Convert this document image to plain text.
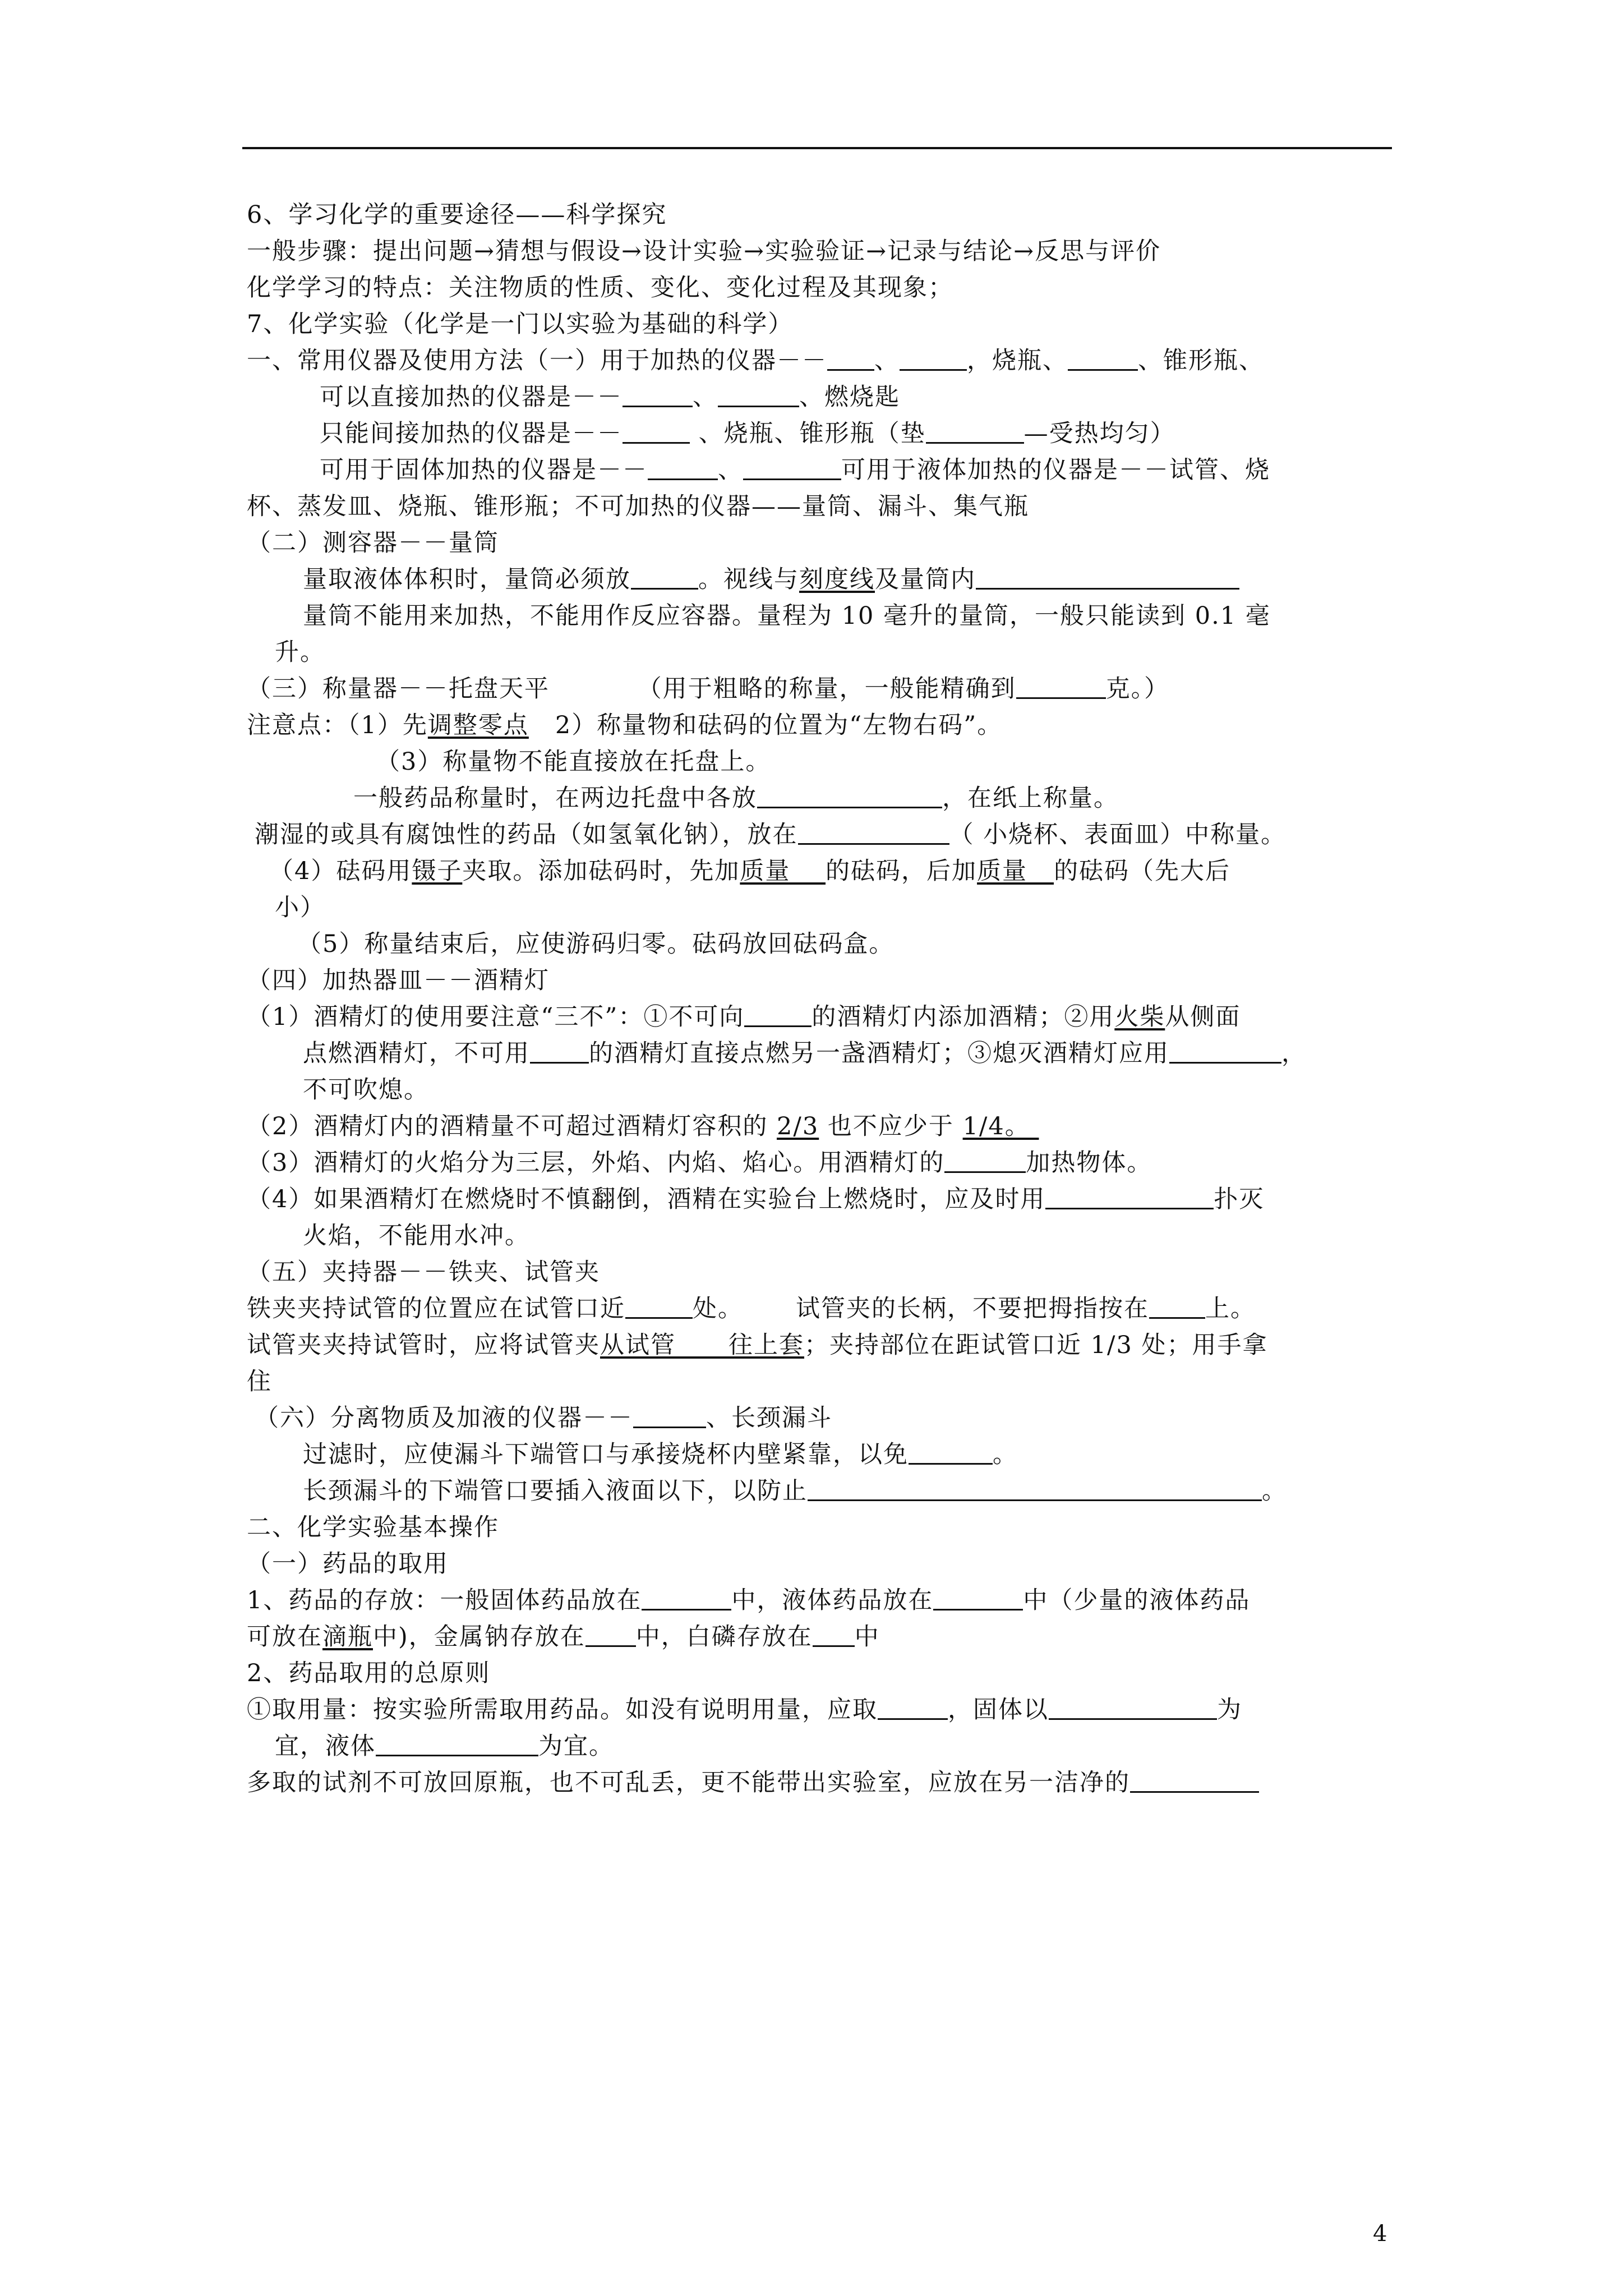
6、学习化学的重要途径——科学探究
一般步骤：提出问题→猜想与假设→设计实验→实验验证→记录与结论→反思与评价
化学学习的特点：关注物质的性质、变化、变化过程及其现象；
7、化学实验（化学是一门以实验为基础的科学）
一、常用仪器及使用方法（一）用于加热的仪器－－ 、	，烧瓶、	、锥形瓶、
可以直接加热的仪器是－－	、	、燃烧匙
只能间接加热的仪器是－－	、烧瓶、锥形瓶（垫	—受热均匀）
可用于固体加热的仪器是－－	、	可用于液体加热的仪器是－－试管、烧
杯、蒸发皿、烧瓶、锥形瓶；不可加热的仪器——量筒、漏斗、集气瓶
（二）测容器－－量筒
量取液体体积时，量筒必须放	。视线与刻度线及量筒内
量筒不能用来加热，不能用作反应容器。量程为 10 毫升的量筒，一般只能读到 0.1 毫
升。
（三）称量器－－托盘天平          （用于粗略的称量，一般能精确到	克。）
注意点：（1）先调整零点   2）称量物和砝码的位置为“左物右码”。
（3）称量物不能直接放在托盘上。
一般药品称量时，在两边托盘中各放	，在纸上称量。
潮湿的或具有腐蚀性的药品（如氢氧化钠），放在	（ 小烧杯、表面皿）中称量。
（4）砝码用镊子夹取。添加砝码时，先加质量    的砝码，后加质量   的砝码（先大后
小）
（5）称量结束后，应使游码归零。砝码放回砝码盒。
（四）加热器皿－－酒精灯
（1）酒精灯的使用要注意“三不”：①不可向	的酒精灯内添加酒精；②用火柴从侧面
点燃酒精灯，不可用 的酒精灯直接点燃另一盏酒精灯；③熄灭酒精灯应用	，
不可吹熄。
（2）酒精灯内的酒精量不可超过酒精灯容积的 2/3 也不应少于 1/4。
（3）酒精灯的火焰分为三层，外焰、内焰、焰心。用酒精灯的	加热物体。
（4）如果酒精灯在燃烧时不慎翻倒，酒精在实验台上燃烧时，应及时用	扑灭
火焰，不能用水冲。
（五）夹持器－－铁夹、试管夹
铁夹夹持试管的位置应在试管口近	处。      试管夹的长柄，不要把拇指按在 上。
试管夹夹持试管时，应将试管夹从试管      往上套；夹持部位在距试管口近 1/3 处；用手拿
住
（六）分离物质及加液的仪器－－	、长颈漏斗
过滤时，应使漏斗下端管口与承接烧杯内壁紧靠，以免	。
长颈漏斗的下端管口要插入液面以下，以防止	。
二、化学实验基本操作
（一）药品的取用
1、药品的存放：一般固体药品放在	中，液体药品放在	中（少量的液体药品
可放在滴瓶中)，金属钠存放在 中，白磷存放在 中
2、药品取用的总原则
①取用量：按实验所需取用药品。如没有说明用量，应取	，固体以	为
宜，液体	为宜。
多取的试剂不可放回原瓶，也不可乱丢，更不能带出实验室，应放在另一洁净的
4
